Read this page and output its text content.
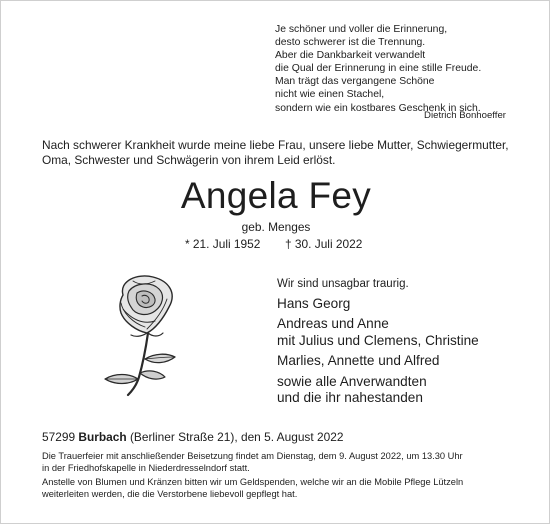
Je schöner und voller die Erinnerung,
desto schwerer ist die Trennung.
Aber die Dankbarkeit verwandelt
die Qual der Erinnerung in eine stille Freude.
Man trägt das vergangene Schöne
nicht wie einen Stachel,
sondern wie ein kostbares Geschenk in sich.
Dietrich Bonhoeffer
Nach schwerer Krankheit wurde meine liebe Frau, unsere liebe Mutter, Schwiegermutter,
Oma, Schwester und Schwägerin von ihrem Leid erlöst.
Angela Fey
geb. Menges
* 21. Juli 1952 † 30. Juli 2022
Wir sind unsagbar traurig.
Hans Georg
Andreas und Anne
mit Julius und Clemens, Christine
Marlies, Annette und Alfred
sowie alle Anverwandten
und die ihr nahestanden
57299 Burbach (Berliner Straße 21), den 5. August 2022
Die Trauerfeier mit anschließender Beisetzung findet am Dienstag, dem 9. August 2022, um 13.30 Uhr
in der Friedhofskapelle in Niederdresselndorf statt.
Anstelle von Blumen und Kränzen bitten wir um Geldspenden, welche wir an die Mobile Pflege Lützeln
weiterleiten werden, die die Verstorbene liebevoll gepflegt hat.
